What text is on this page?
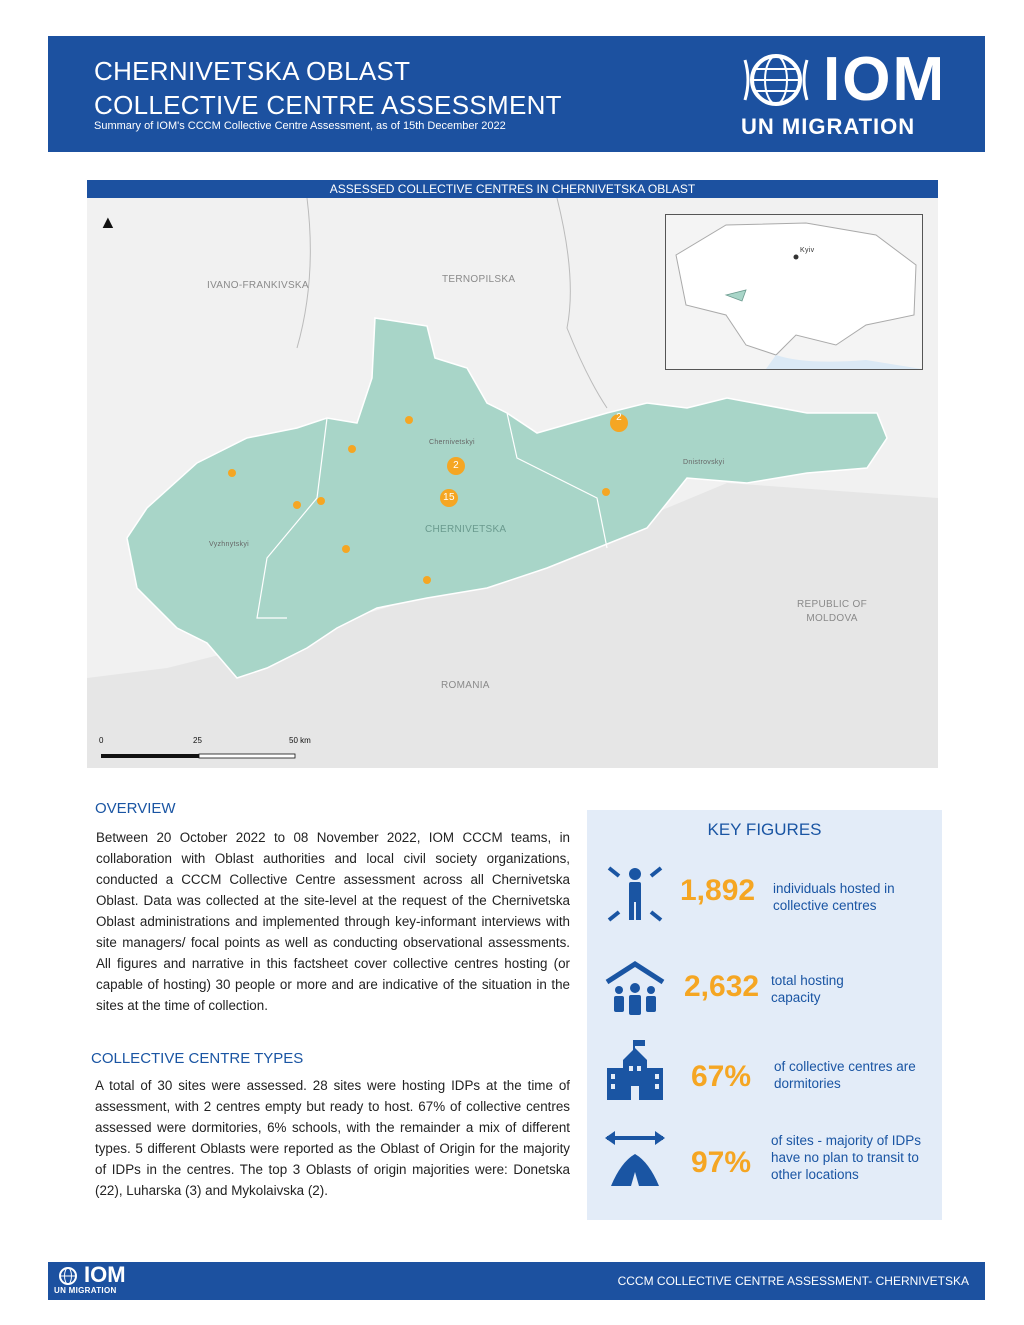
CHERNIVETSKA OBLAST
COLLECTIVE CENTRE ASSESSMENT
Summary of IOM's CCCM Collective Centre Assessment, as of 15th December 2022
IOM
UN MIGRATION
ASSESSED COLLECTIVE CENTRES IN CHERNIVETSKA OBLAST
2
2
15
▲
IVANO-FRANKIVSKA
TERNOPILSKA
CHERNIVETSKA
REPUBLIC OF MOLDOVA
ROMANIA
Chernivetskyi
Dnistrovskyi
Vyzhnytskyi
0	25	50 km
Kyiv
OVERVIEW
Between 20 October 2022 to 08 November 2022, IOM CCCM teams, in collaboration with Oblast authorities and local civil society organizations, conducted a CCCM Collective Centre assessment across all Chernivetska Oblast. Data was collected at the site-level at the request of the Chernivetska Oblast administrations and implemented through key-informant interviews with site managers/ focal points as well as conducting observational assessments. All figures and narrative in this factsheet cover collective centres hosting (or capable of hosting) 30 people or more and are indicative of the situation in the sites at the time of collection.
COLLECTIVE CENTRE TYPES
A total of 30 sites were assessed. 28 sites were hosting IDPs at the time of assessment, with 2 centres empty but ready to host. 67% of collective centres assessed were dormitories, 6% schools, with the remainder a mix of different types. 5 different Oblasts were reported as the Oblast of Origin for the majority of IDPs in the centres. The top 3 Oblasts of origin majorities were: Donetska (22), Luharska (3) and Mykolaivska (2).
KEY FIGURES
1,892 individuals hosted in collective centres
2,632 total hosting capacity
67% of collective centres are dormitories
97%
of sites - majority of IDPs have no plan to transit to other locations
IOM
UN MIGRATION
CCCM COLLECTIVE CENTRE ASSESSMENT- CHERNIVETSKA
